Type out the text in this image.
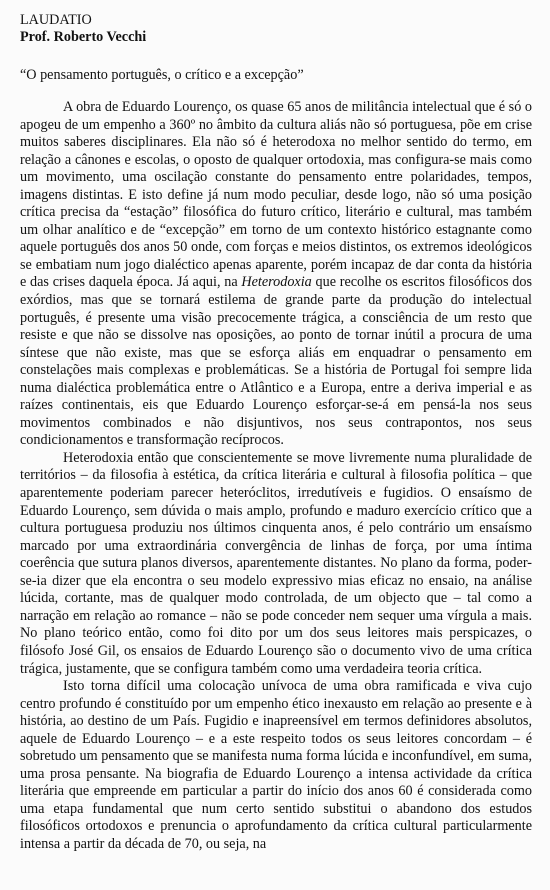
LAUDATIO
Prof. Roberto Vecchi
“O pensamento português, o crítico e a excepção”

A obra de Eduardo Lourenço, os quase 65 anos de militância intelectual que é só o apogeu de um empenho a 360º no âmbito da cultura aliás não só portuguesa, põe em crise muitos saberes disciplinares. Ela não só é heterodoxa no melhor sentido do termo, em relação a cânones e escolas, o oposto de qualquer ortodoxia, mas configura-se mais como um movimento, uma oscilação constante do pensamento entre polaridades, tempos, imagens distintas. E isto define já num modo peculiar, desde logo, não só uma posição crítica precisa da “estação” filosófica do futuro crítico, literário e cultural, mas também um olhar analítico e de “excepção” em torno de um contexto histórico estagnante como aquele português dos anos 50 onde, com forças e meios distintos, os extremos ideológicos se embatiam num jogo dialéctico apenas aparente, porém incapaz de dar conta da história e das crises daquela época. Já aqui, na Heterodoxia que recolhe os escritos filosóficos dos exórdios, mas que se tornará estilema de grande parte da produção do intelectual português, é presente uma visão precocemente trágica, a consciência de um resto que resiste e que não se dissolve nas oposições, ao ponto de tornar inútil a procura de uma síntese que não existe, mas que se esforça aliás em enquadrar o pensamento em constelações mais complexas e problemáticas. Se a história de Portugal foi sempre lida numa dialéctica problemática entre o Atlântico e a Europa, entre a deriva imperial e as raízes continentais, eis que Eduardo Lourenço esforçar-se-á em pensá-la nos seus movimentos combinados e não disjuntivos, nos seus contrapontos, nos seus condicionamentos e transformação recíprocos.

Heterodoxia então que conscientemente se move livremente numa pluralidade de territórios – da filosofia à estética, da crítica literária e cultural à filosofia política – que aparentemente poderiam parecer heteróclitos, irredutíveis e fugidios. O ensaísmo de Eduardo Lourenço, sem dúvida o mais amplo, profundo e maduro exercício crítico que a cultura portuguesa produziu nos últimos cinquenta anos, é pelo contrário um ensaísmo marcado por uma extraordinária convergência de linhas de força, por uma íntima coerência que sutura planos diversos, aparentemente distantes. No plano da forma, poder-se-ia dizer que ela encontra o seu modelo expressivo mias eficaz no ensaio, na análise lúcida, cortante, mas de qualquer modo controlada, de um objecto que – tal como a narração em relação ao romance – não se pode conceder nem sequer uma vírgula a mais. No plano teórico então, como foi dito por um dos seus leitores mais perspicazes, o filósofo José Gil, os ensaios de Eduardo Lourenço são o documento vivo de uma crítica trágica, justamente, que se configura também como uma verdadeira teoria crítica.

Isto torna difícil uma colocação unívoca de uma obra ramificada e viva cujo centro profundo é constituído por um empenho ético inexausto em relação ao presente e à história, ao destino de um País. Fugidio e inapreensível em termos definidores absolutos, aquele de Eduardo Lourenço – e a este respeito todos os seus leitores concordam – é sobretudo um pensamento que se manifesta numa forma lúcida e inconfundível, em suma, uma prosa pensante. Na biografia de Eduardo Lourenço a intensa actividade da crítica literária que empreende em particular a partir do início dos anos 60 é considerada como uma etapa fundamental que num certo sentido substitui o abandono dos estudos filosóficos ortodoxos e prenuncia o aprofundamento da crítica cultural particularmente intensa a partir da década de 70, ou seja, na
